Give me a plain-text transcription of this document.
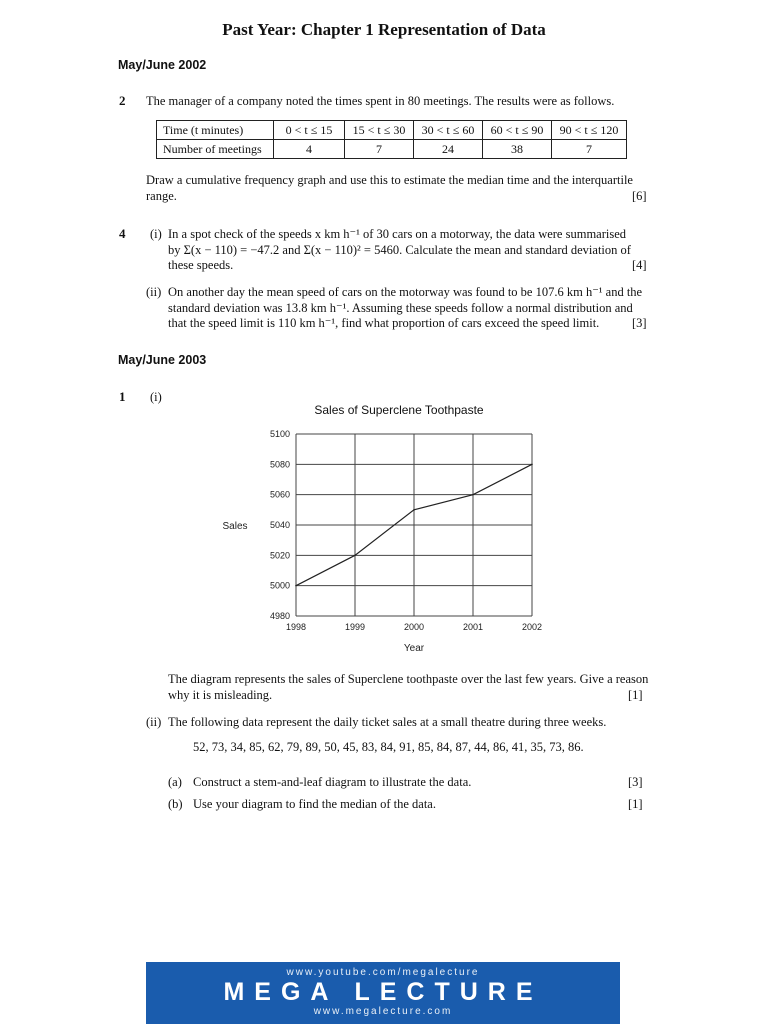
Past Year: Chapter 1 Representation of Data
May/June 2002
2 The manager of a company noted the times spent in 80 meetings. The results were as follows.
Time (t minutes)	0 < t ≤ 15	15 < t ≤ 30	30 < t ≤ 60	60 < t ≤ 90	90 < t ≤ 120
Number of meetings	4	7	24	38	7
Draw a cumulative frequency graph and use this to estimate the median time and the interquartile
range.	[6]
4 (i) In a spot check of the speeds x km h⁻¹ of 30 cars on a motorway, the data were summarised
by Σ(x − 110) = −47.2 and Σ(x − 110)² = 5460. Calculate the mean and standard deviation of
these speeds.	[4]
(ii) On another day the mean speed of cars on the motorway was found to be 107.6 km h⁻¹ and the
standard deviation was 13.8 km h⁻¹. Assuming these speeds follow a normal distribution and
that the speed limit is 110 km h⁻¹, find what proportion of cars exceed the speed limit.	[3]
May/June 2003
1 (i)
Sales of Superclene Toothpaste
4980
5000
5020
5040
5060
5080
5100
1998	1999	2000	2001	2002
Sales
Year
The diagram represents the sales of Superclene toothpaste over the last few years. Give a reason
why it is misleading.	[1]
(ii) The following data represent the daily ticket sales at a small theatre during three weeks.
52, 73, 34, 85, 62, 79, 89, 50, 45, 83, 84, 91, 85, 84, 87, 44, 86, 41, 35, 73, 86.
(a) Construct a stem-and-leaf diagram to illustrate the data.	[3]
(b) Use your diagram to find the median of the data.	[1]
www.youtube.com/megalecture
MEGA LECTURE
www.megalecture.com
